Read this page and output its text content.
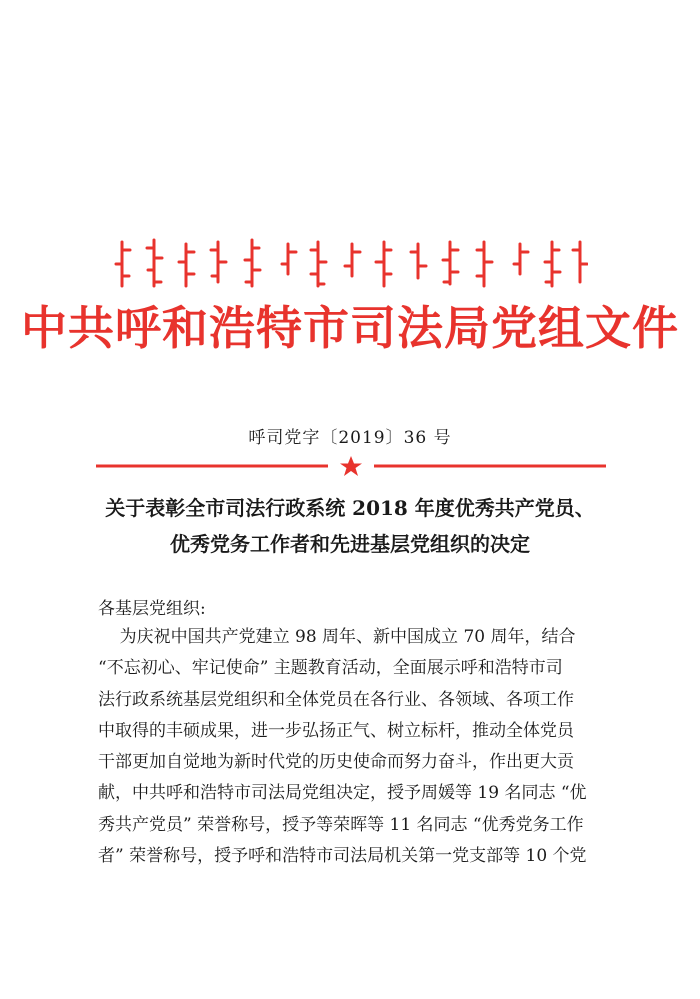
中共呼和浩特市司法局党组文件
呼司党字〔2019〕36 号
关于表彰全市司法行政系统 2018 年度优秀共产党员、
优秀党务工作者和先进基层党组织的决定
各基层党组织:
为庆祝中国共产党建立 98 周年、新中国成立 70 周年，结合
“不忘初心、牢记使命” 主题教育活动，全面展示呼和浩特市司
法行政系统基层党组织和全体党员在各行业、各领域、各项工作
中取得的丰硕成果，进一步弘扬正气、树立标杆，推动全体党员
干部更加自觉地为新时代党的历史使命而努力奋斗，作出更大贡
献，中共呼和浩特市司法局党组决定，授予周媛等 19 名同志 “优
秀共产党员” 荣誉称号，授予等荣晖等 11 名同志 “优秀党务工作
者” 荣誉称号，授予呼和浩特市司法局机关第一党支部等 10 个党
